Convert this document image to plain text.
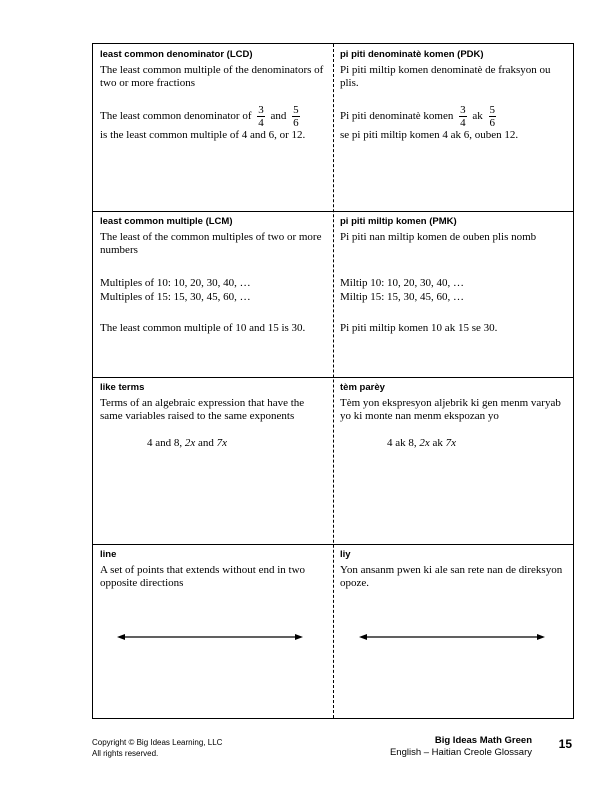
least common denominator (LCD)

The least common multiple of the denominators of two or more fractions

The least common denominator of $\frac{3}{4}$ and $\frac{5}{6}$
is the least common multiple of 4 and 6, or 12.
pi piti denominatè komen (PDK)

Pi piti miltip komen denominatè de fraksyon ou plis.

Pi piti denominatè komen $\frac{3}{4}$ ak $\frac{5}{6}$
se pi piti miltip komen 4 ak 6, ouben 12.
least common multiple (LCM)

The least of the common multiples of two or more numbers

Multiples of 10: 10, 20, 30, 40, …
Multiples of 15: 15, 30, 45, 60, …
The least common multiple of 10 and 15 is 30.
pi piti miltip komen (PMK)

Pi piti nan miltip komen de ouben plis nomb

Miltip 10: 10, 20, 30, 40, …
Miltip 15: 15, 30, 45, 60, …
Pi piti miltip komen 10 ak 15 se 30.
like terms

Terms of an algebraic expression that have the same variables raised to the same exponents

4 and 8, 2x and 7x
tèm parèy

Tèm yon ekspresyon aljebrik ki gen menm varyab yo ki monte nan menm ekspozan yo

4 ak 8, 2x ak 7x
line

A set of points that extends without end in two opposite directions

liy

Yon ansanm pwen ki ale san rete nan de direksyon opoze.

Copyright © Big Ideas Learning, LLC
All rights reserved.
Big Ideas Math Green
English – Haitian Creole Glossary
15
